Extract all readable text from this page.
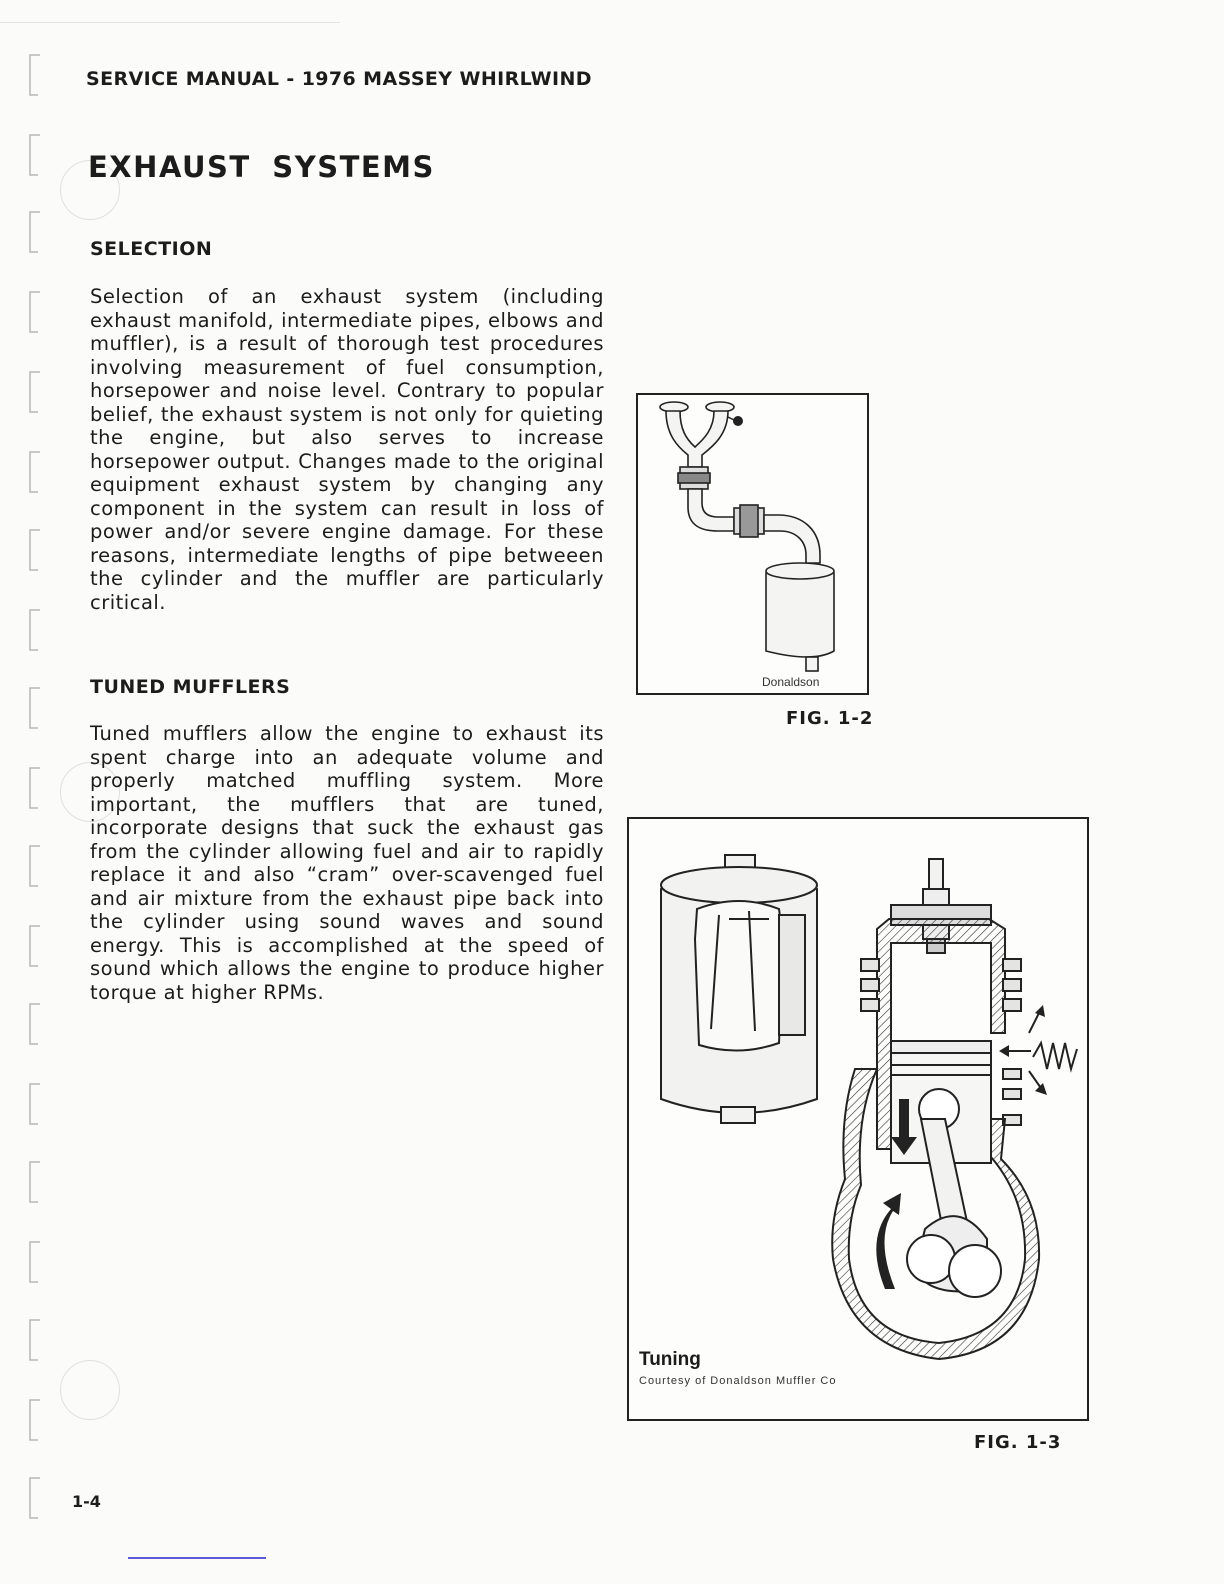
SERVICE MANUAL - 1976 MASSEY WHIRLWIND
EXHAUST SYSTEMS
SELECTION

Selection of an exhaust system (including exhaust manifold, intermediate pipes, elbows and muffler), is a result of thorough test procedures involving measurement of fuel consumption, horsepower and noise level. Contrary to popular belief, the exhaust system is not only for quieting the engine, but also serves to increase horsepower output. Changes made to the original equipment exhaust system by changing any component in the system can result in loss of power and/or severe engine damage. For these reasons, intermediate lengths of pipe betweeen the cylinder and the muffler are particularly critical.

TUNED MUFFLERS

Tuned mufflers allow the engine to exhaust its spent charge into an adequate volume and properly matched muffling system. More important, the mufflers that are tuned, incorporate designs that suck the exhaust gas from the cylinder allowing fuel and air to rapidly replace it and also “cram” over-scavenged fuel and air mixture from the exhaust pipe back into the cylinder using sound waves and sound energy. This is accomplished at the speed of sound which allows the engine to produce higher torque at higher RPMs.

Donaldson

FIG. 1-2

Tuning

Courtesy of Donaldson Muffler Co

FIG. 1-3

1-4
